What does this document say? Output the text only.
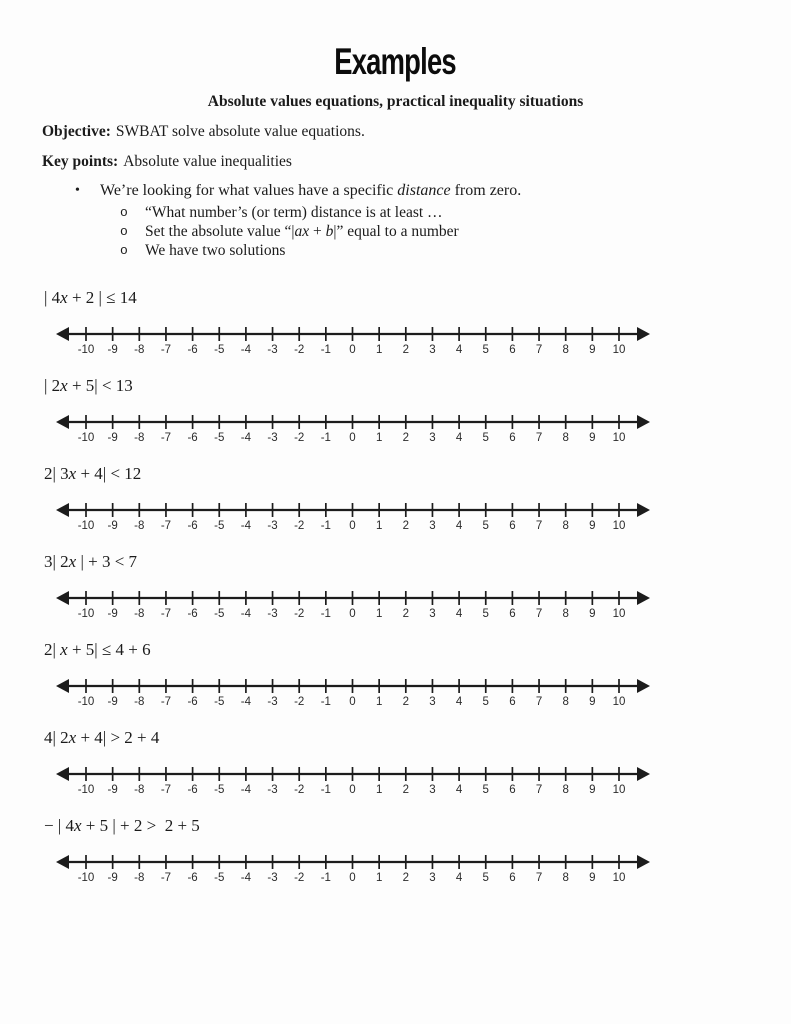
Examples
Absolute values equations, practical inequality situations
Objective: SWBAT solve absolute value equations.
Key points: Absolute value inequalities
•	We’re looking for what values have a specific distance from zero.
o	“What number’s (or term) distance is at least …
o	Set the absolute value “|ax + b|” equal to a number
o	We have two solutions
| 4x + 2 | ≤ 14
-10 -9 -8 -7 -6 -5 -4 -3 -2 -1 0 1 2 3 4 5 6 7 8 9 10
| 2x + 5| < 13
-10 -9 -8 -7 -6 -5 -4 -3 -2 -1 0 1 2 3 4 5 6 7 8 9 10
2| 3x + 4| < 12
-10 -9 -8 -7 -6 -5 -4 -3 -2 -1 0 1 2 3 4 5 6 7 8 9 10
3| 2x | + 3 < 7
-10 -9 -8 -7 -6 -5 -4 -3 -2 -1 0 1 2 3 4 5 6 7 8 9 10
2| x + 5| ≤ 4 + 6
-10 -9 -8 -7 -6 -5 -4 -3 -2 -1 0 1 2 3 4 5 6 7 8 9 10
4| 2x + 4| > 2 + 4
-10 -9 -8 -7 -6 -5 -4 -3 -2 -1 0 1 2 3 4 5 6 7 8 9 10
− | 4x + 5 | + 2 >  2 + 5
-10 -9 -8 -7 -6 -5 -4 -3 -2 -1 0 1 2 3 4 5 6 7 8 9 10
